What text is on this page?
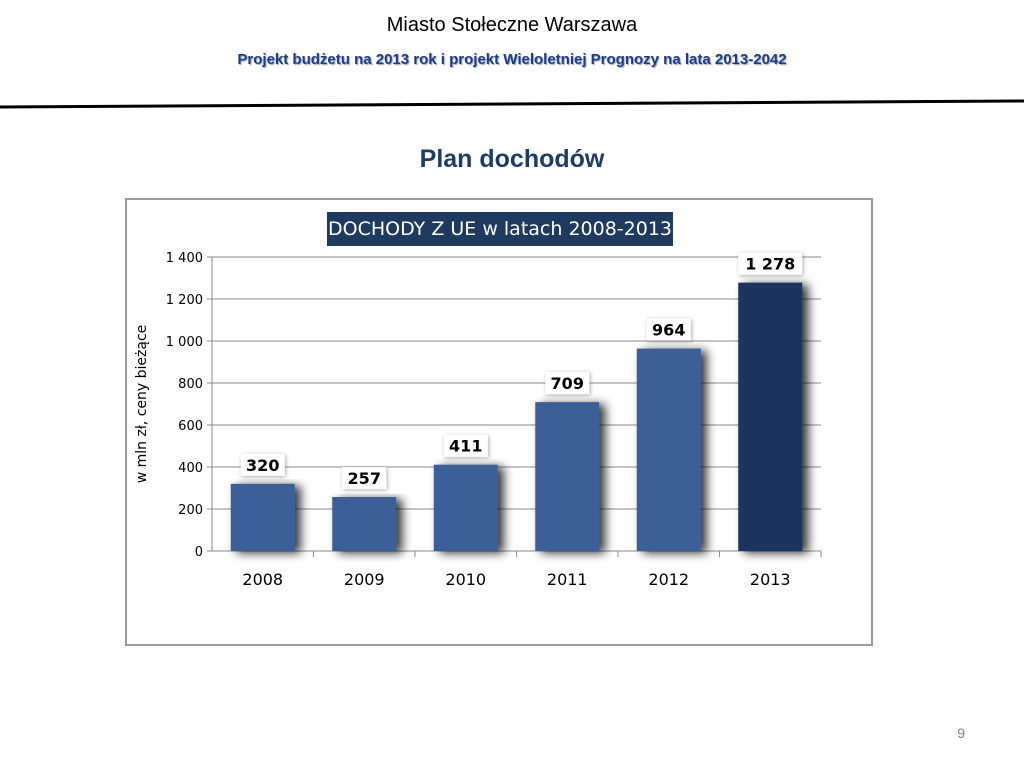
Miasto Stołeczne Warszawa
Projekt budżetu na 2013 rok i projekt Wieloletniej Prognozy na lata 2013-2042
Plan dochodów
0
200
400
600
800
1 000
1 200
1 400
2008
320
2009
257
2010
411
2011
709
2012
964
2013
1 278
DOCHODY Z UE w latach 2008-2013
w mln zł, ceny bieżące
9
